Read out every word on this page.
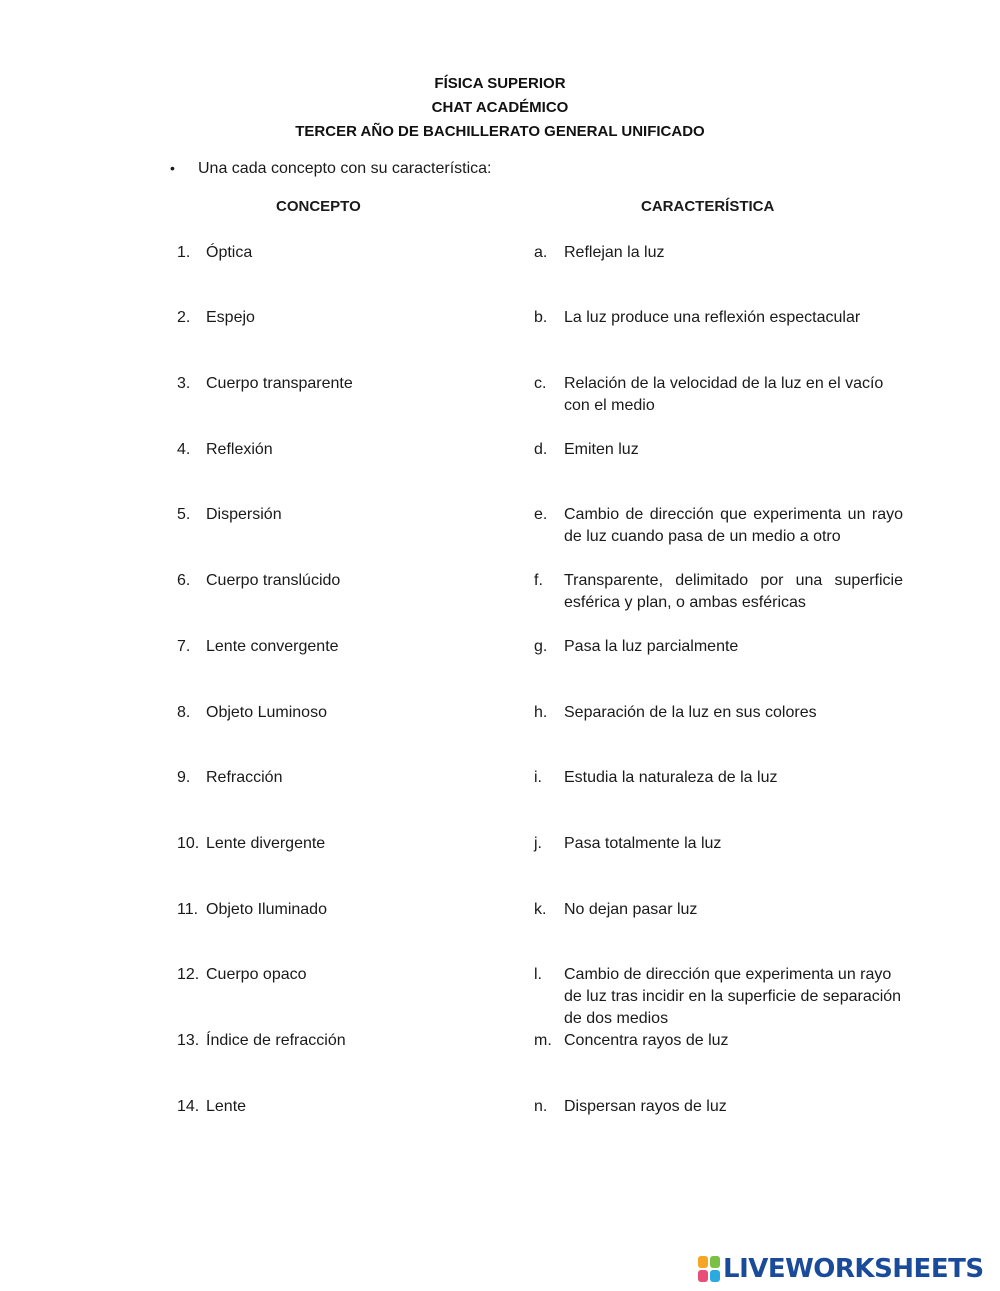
FÍSICA SUPERIOR
CHAT ACADÉMICO
TERCER AÑO DE BACHILLERATO GENERAL UNIFICADO
• Una cada concepto con su característica:
CONCEPTO	CARACTERÍSTICA
1. Óptica	a.	Reflejan la luz
2. Espejo	b.	La luz produce una reflexión espectacular
3. Cuerpo transparente	c.	Relación de la velocidad de la luz en el vacío con el medio
4. Reflexión	d.	Emiten luz
5. Dispersión	e.	Cambio de dirección que experimenta un rayo de luz cuando pasa de un medio a otro
6. Cuerpo translúcido	f.	Transparente, delimitado por una superficie esférica y plan, o ambas esféricas
7. Lente convergente	g.	Pasa la luz parcialmente
8. Objeto Luminoso	h.	Separación de la luz en sus colores
9. Refracción	i.	Estudia la naturaleza de la luz
10. Lente divergente	j.	Pasa totalmente la luz
11. Objeto Iluminado	k.	No dejan pasar luz
12. Cuerpo opaco	l.	Cambio de dirección que experimenta un rayo de luz tras incidir en la superficie de separación de dos medios
13. Índice de refracción	m. Concentra rayos de luz
14. Lente	n.	Dispersan rayos de luz
LIVEWORKSHEETS
